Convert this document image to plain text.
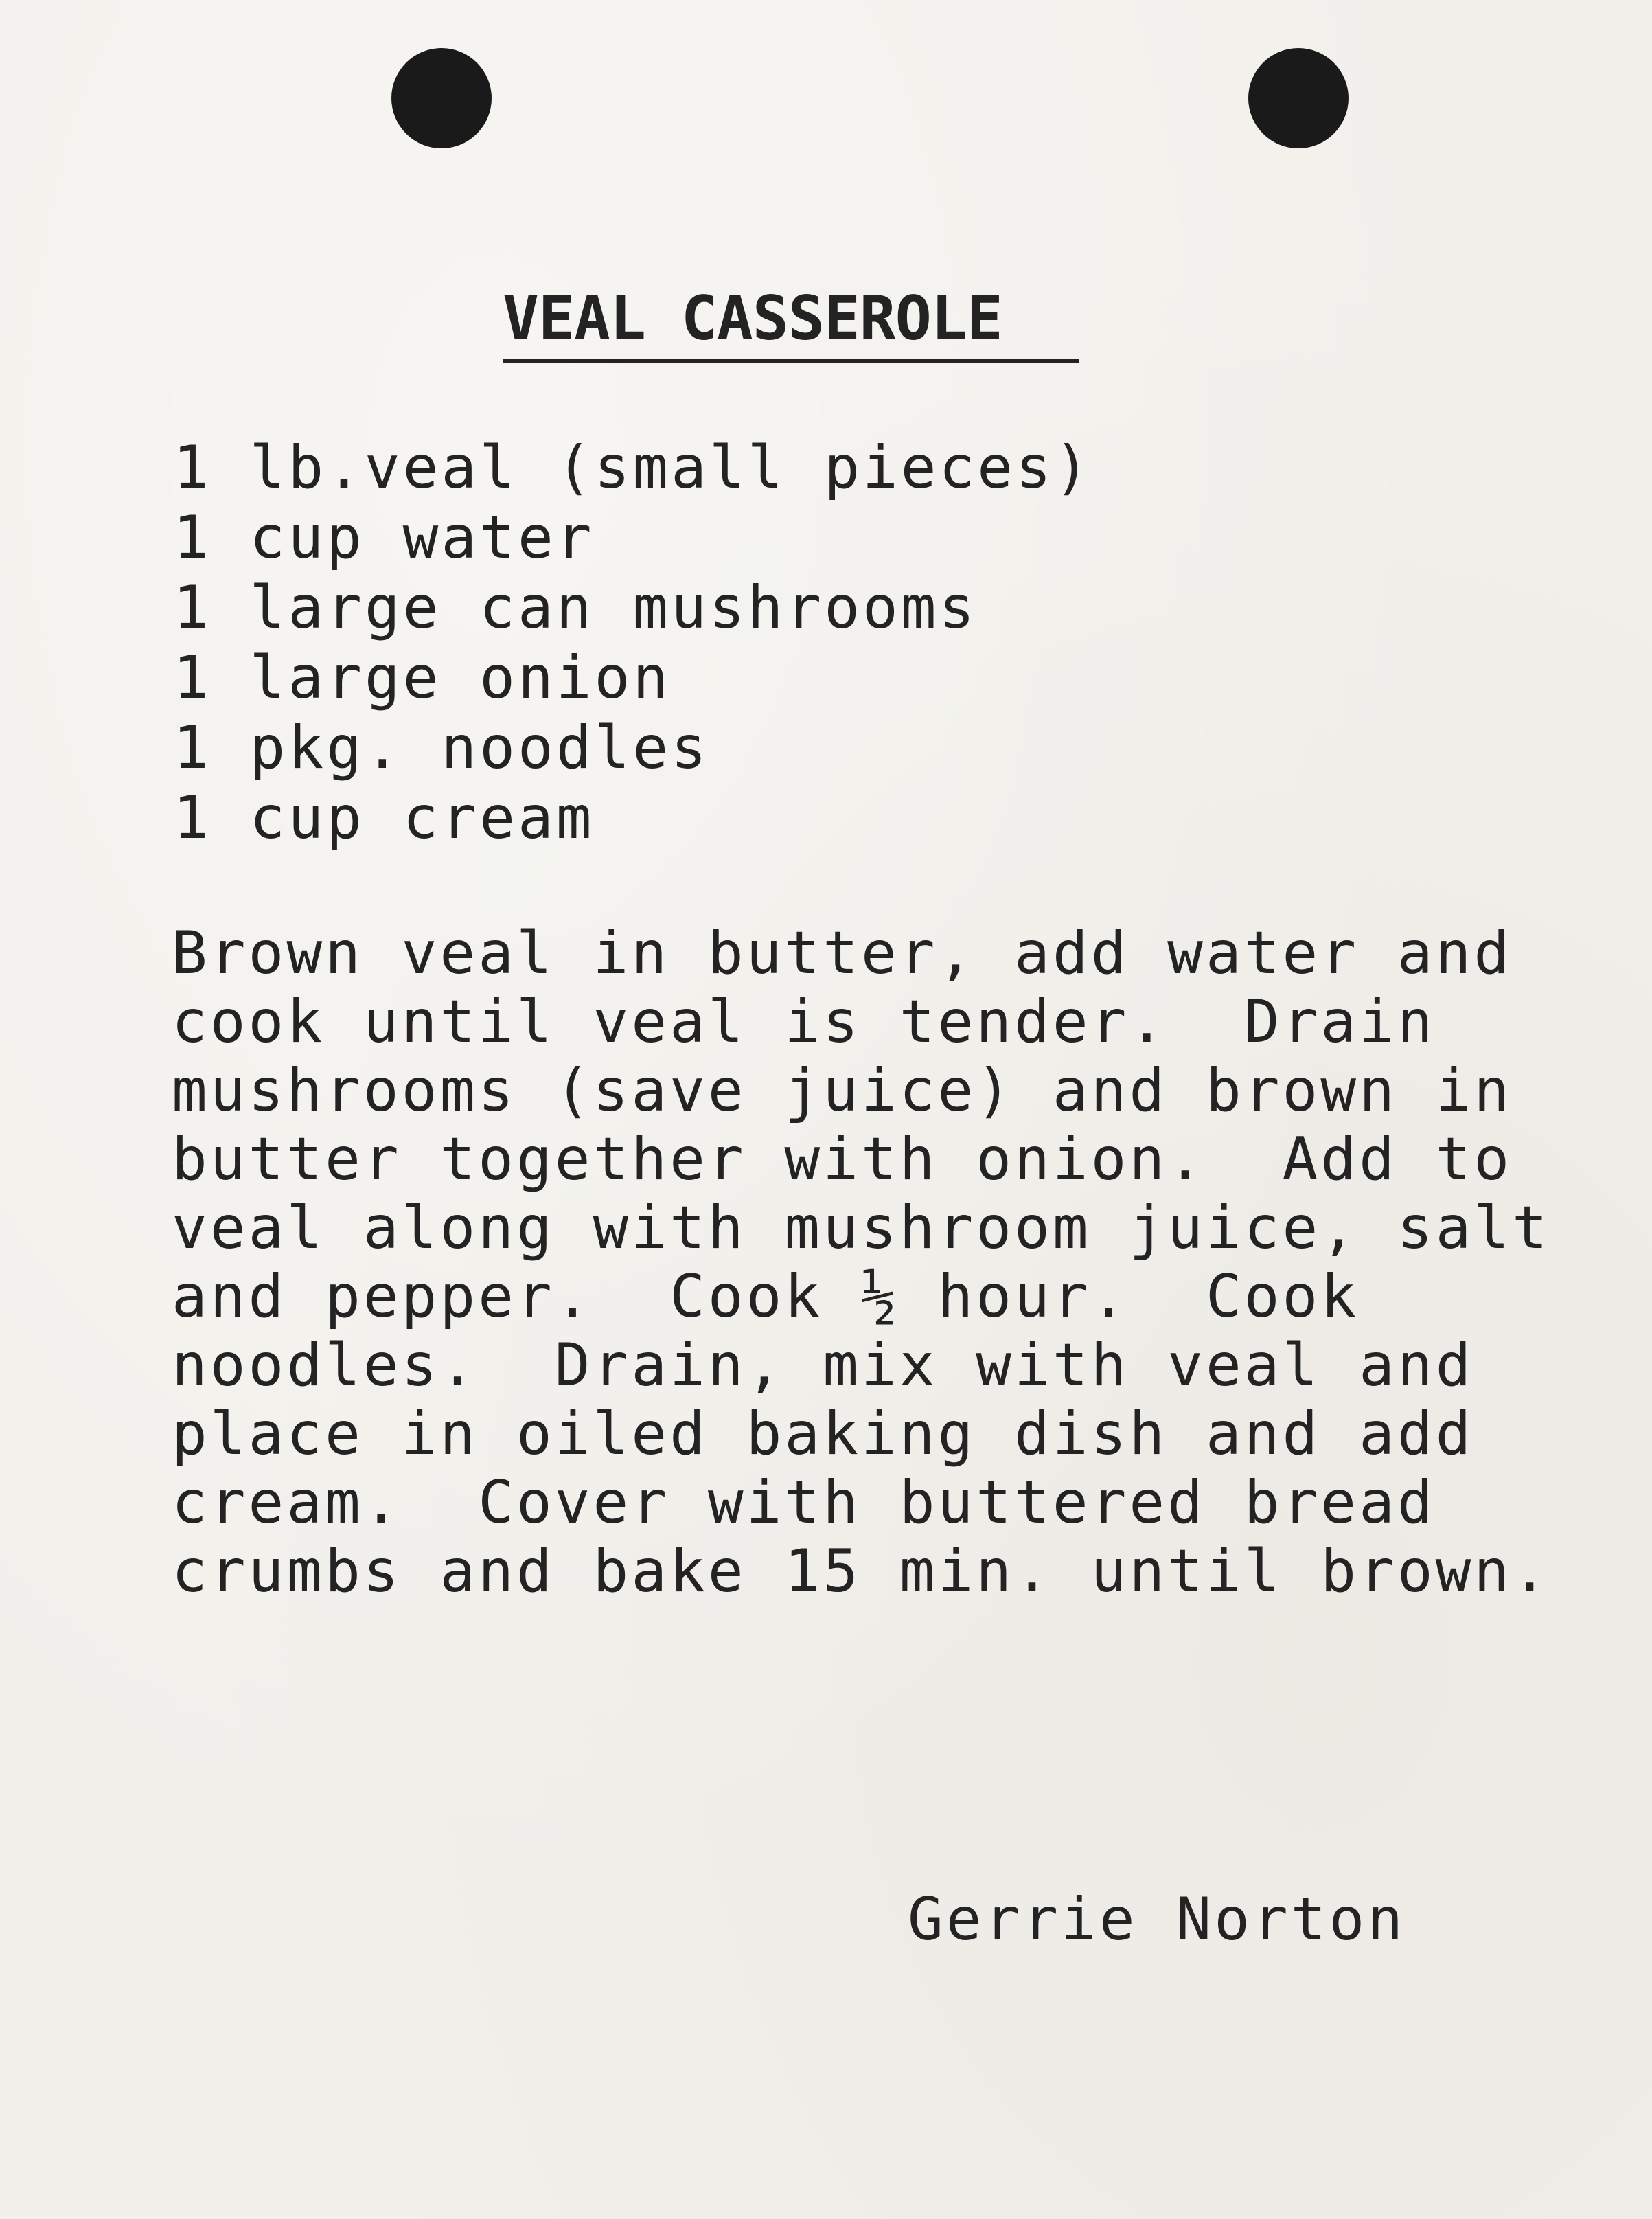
VEAL CASSEROLE
1 lb.veal (small pieces)
1 cup water
1 large can mushrooms
1 large onion
1 pkg. noodles
1 cup cream
Brown veal in butter, add water and
cook until veal is tender.  Drain
mushrooms (save juice) and brown in
butter together with onion.  Add to
veal along with mushroom juice, salt
and pepper.  Cook ½ hour.  Cook
noodles.  Drain, mix with veal and
place in oiled baking dish and add
cream.  Cover with buttered bread
crumbs and bake 15 min. until brown.
Gerrie Norton
